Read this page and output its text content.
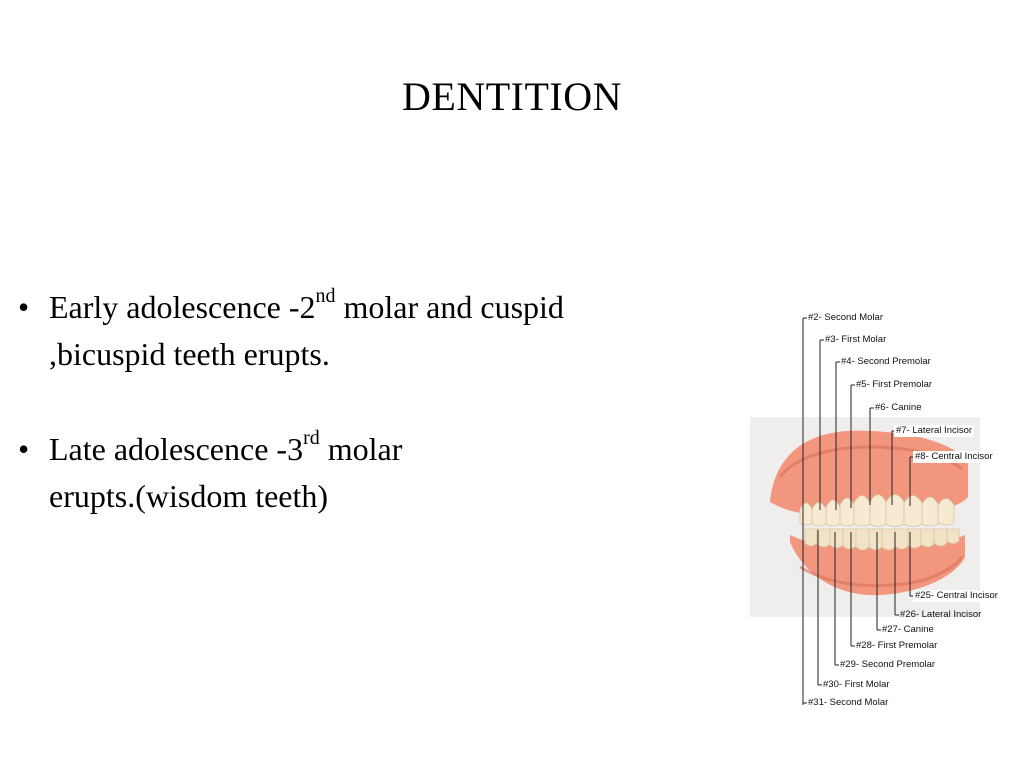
DENTITION
• Early adolescence -2nd molar and cuspid
,bicuspid teeth erupts.
• Late adolescence -3rd molar
erupts.(wisdom teeth)
#2- Second Molar
#3- First Molar
#4- Second Premolar
#5- First Premolar
#6- Canine
#7- Lateral Incisor
#8- Central Incisor
#25- Central Incisor
#26- Lateral Incisor
#27- Canine
#28- First Premolar
#29- Second Premolar
#30- First Molar
#31- Second Molar
